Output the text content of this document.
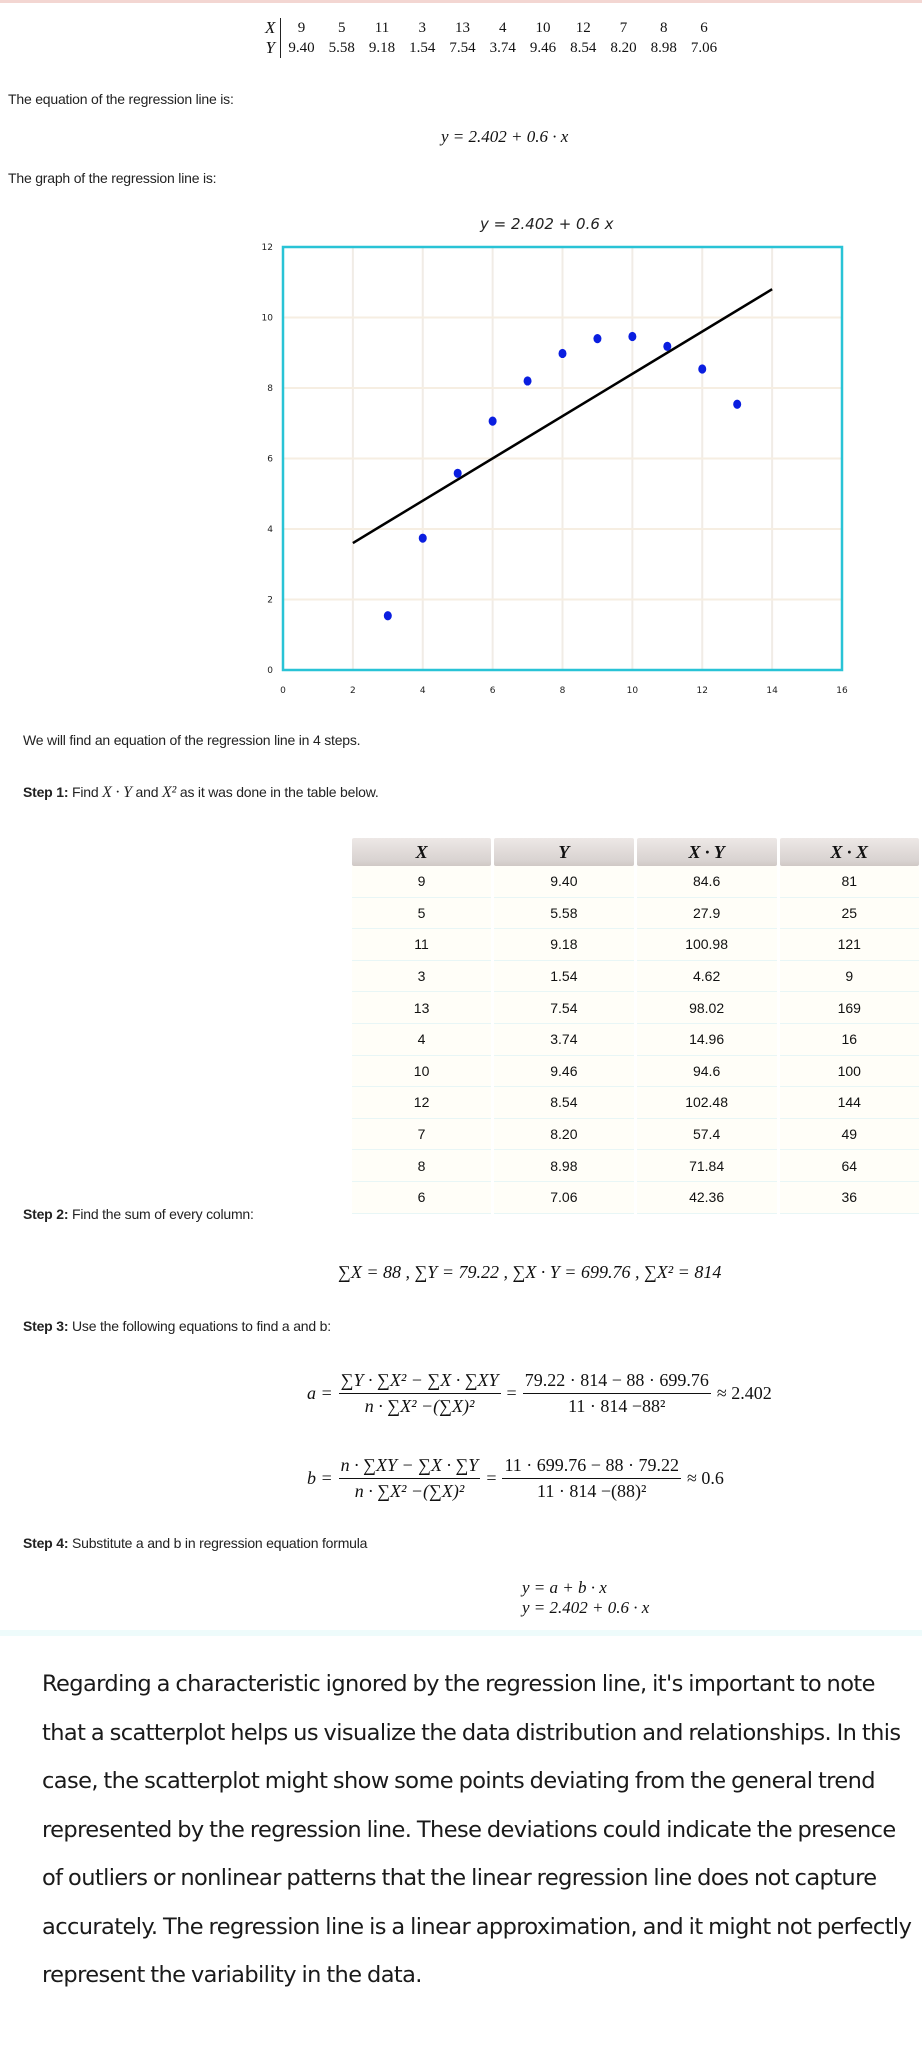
X	9	5	11	3	13	4	10	12	7	8	6
Y	9.40	5.58	9.18	1.54	7.54	3.74	9.46	8.54	8.20	8.98	7.06
The equation of the regression line is:
y = 2.402 + 0.6 · x
The graph of the regression line is:
y = 2.402 + 0.6 x
0	2	4	6	8	10	12	14	16
0
2
4
6
8
10
12
We will find an equation of the regression line in 4 steps.
Step 1: Find X · Y and X² as it was done in the table below.
X	Y	X · Y	X · X
9	9.40	84.6	81
5	5.58	27.9	25
11	9.18	100.98	121
3	1.54	4.62	9
13	7.54	98.02	169
4	3.74	14.96	16
10	9.46	94.6	100
12	8.54	102.48	144
7	8.20	57.4	49
8	8.98	71.84	64
6	7.06	42.36	36
Step 2: Find the sum of every column:
∑X = 88 , ∑Y = 79.22 , ∑X · Y = 699.76 , ∑X² = 814
Step 3: Use the following equations to find a and b:
$a = \frac{\text{∑Y · ∑X² − ∑X · ∑XY}}{\text{n · ∑X² −(∑X)²}} = \frac{79.22 \cdot 814 - 88 \cdot 699.76}{\text{11 · 814 −88²}} \approx 2.402$
$b = \frac{n \cdot \sum XY - \sum X \cdot \sum Y}{\text{n · ∑X² −(∑X)²}} = \frac{11 \cdot 699.76 - 88 \cdot 79.22}{\text{11 · 814 −(88)²}} \approx 0.6$
Step 4: Substitute a and b in regression equation formula
y = a + b · x
y = 2.402 + 0.6 · x
Regarding a characteristic ignored by the regression line, it's important to note that a scatterplot helps us visualize the data distribution and relationships. In this case, the scatterplot might show some points deviating from the general trend represented by the regression line. These deviations could indicate the presence of outliers or nonlinear patterns that the linear regression line does not capture accurately. The regression line is a linear approximation, and it might not perfectly represent the variability in the data.
